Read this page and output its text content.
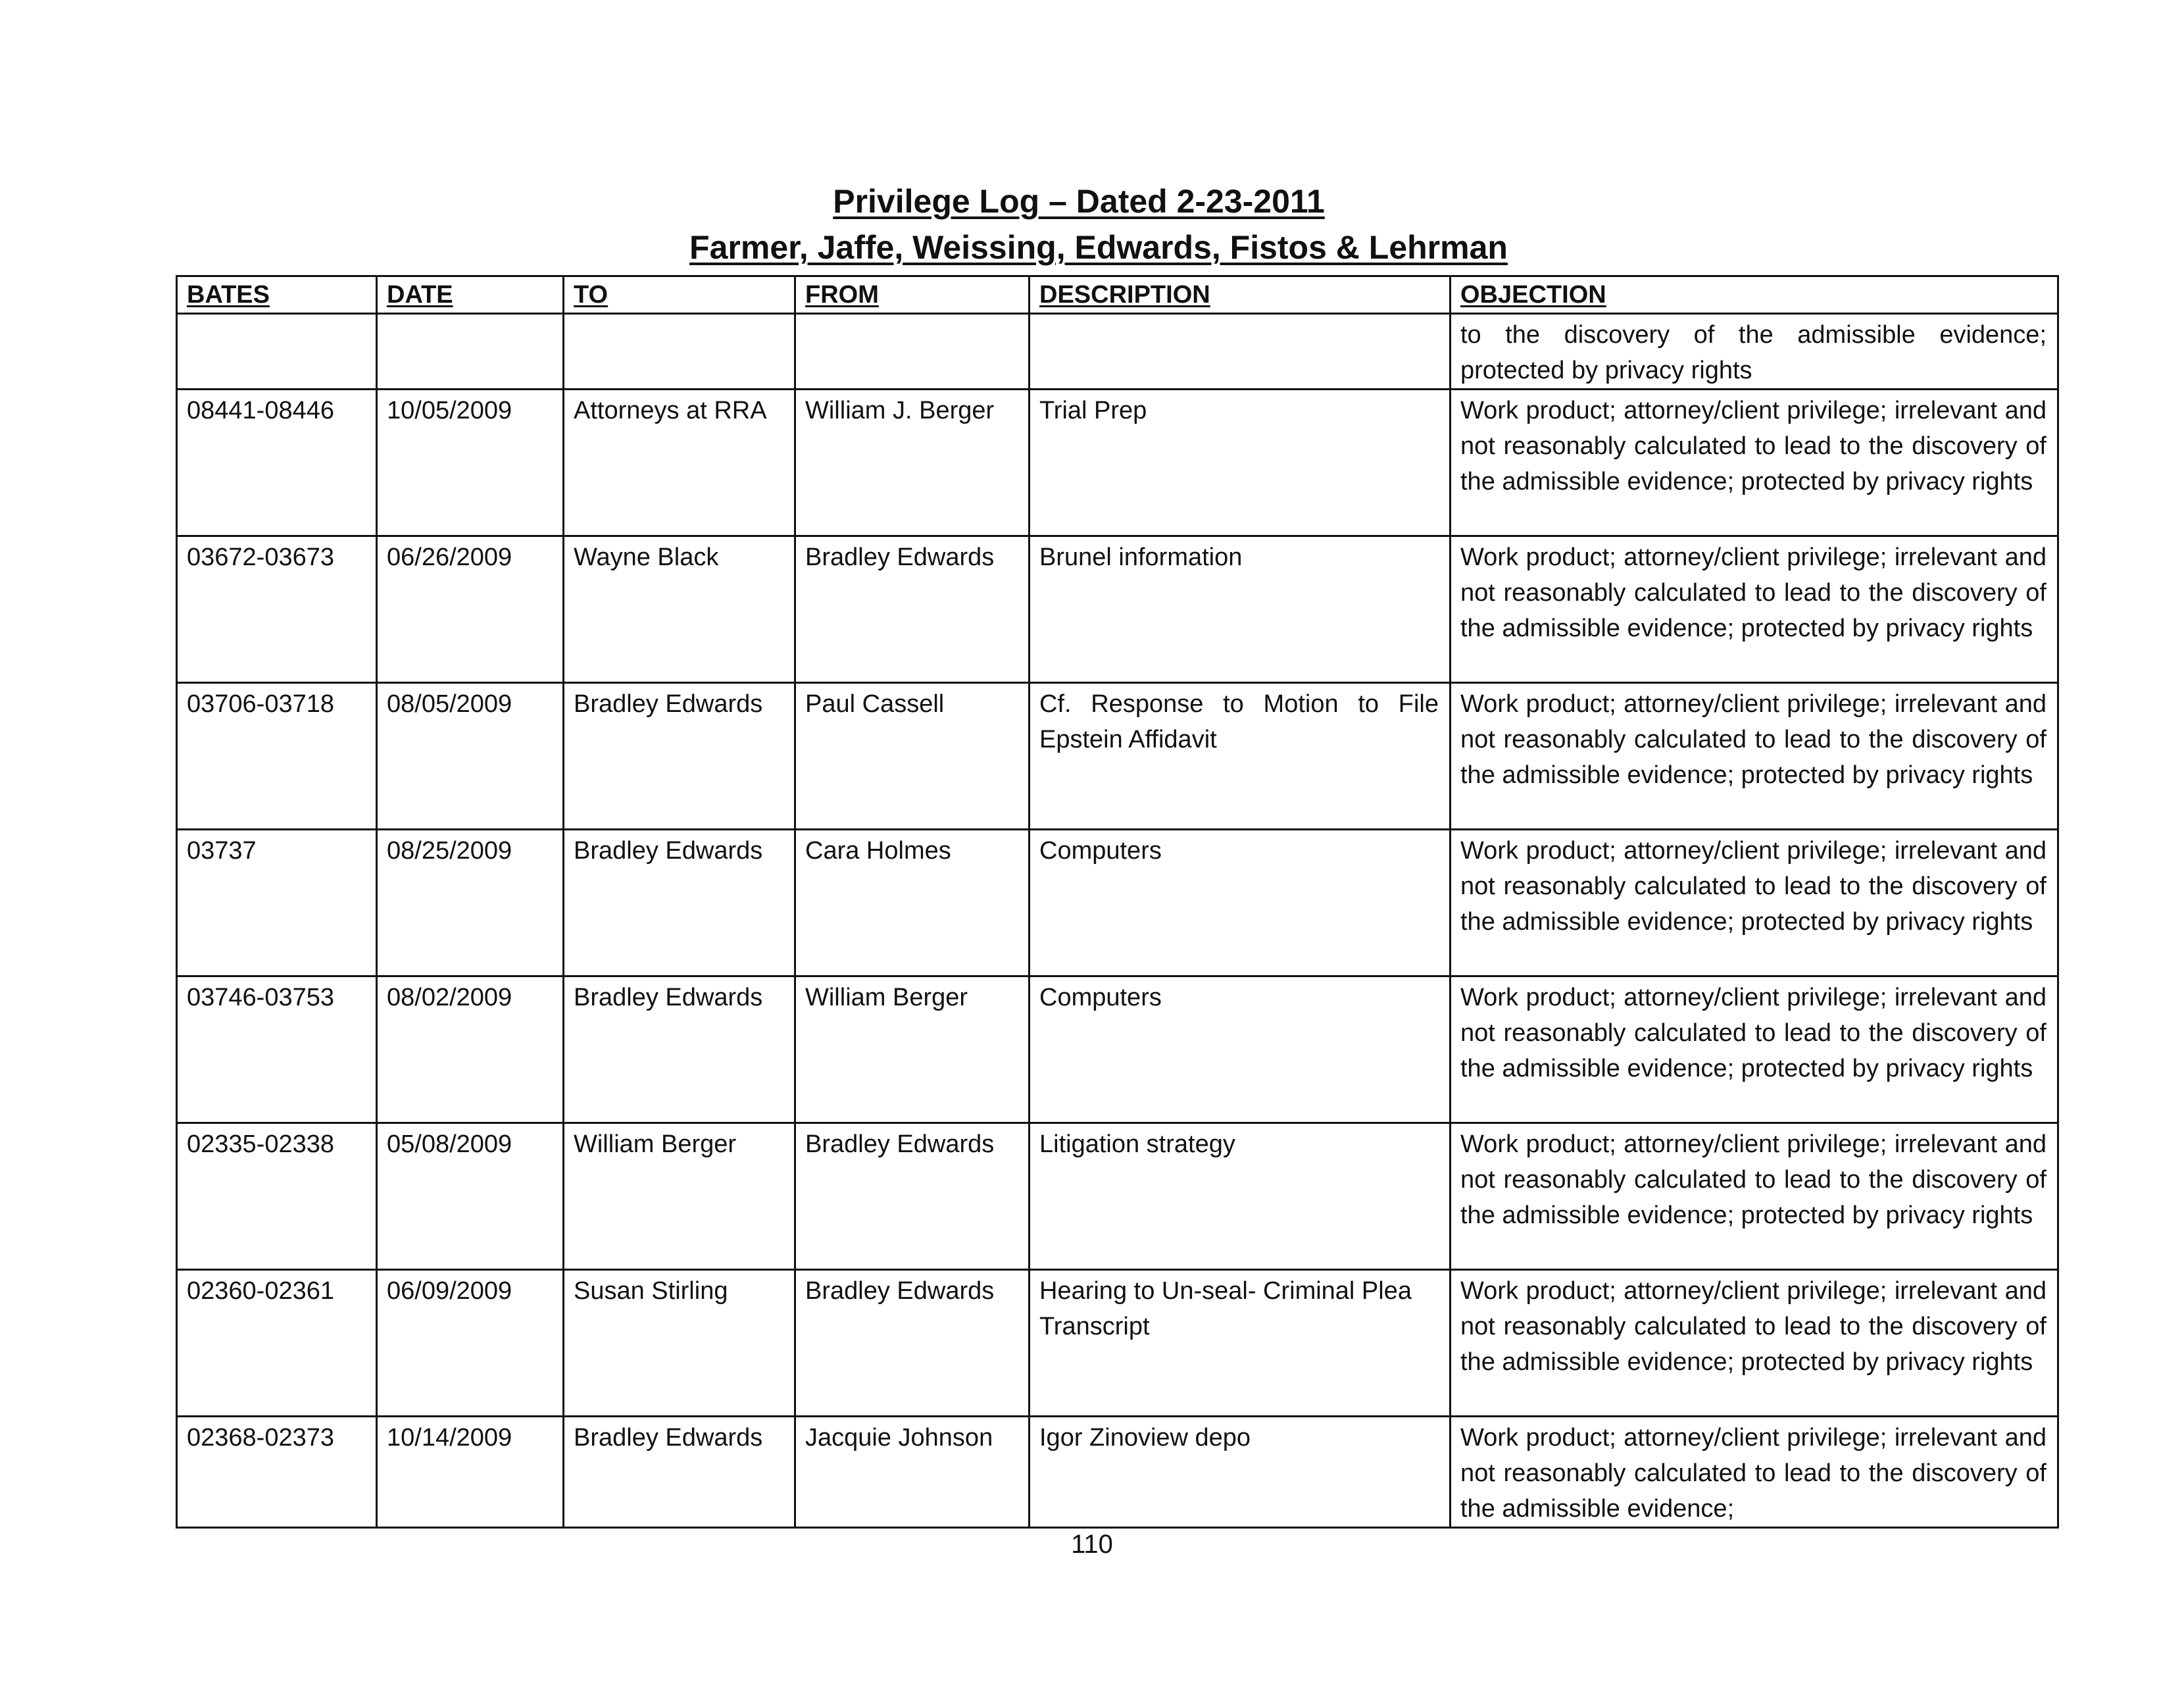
Privilege Log – Dated 2-23-2011
Farmer, Jaffe, Weissing, Edwards, Fistos & Lehrman
BATES	DATE	TO	FROM	DESCRIPTION	OBJECTION
					to the discovery of the admissible evidence; protected by privacy rights
08441-08446	10/05/2009	Attorneys at RRA	William J. Berger	Trial Prep	Work product; attorney/client privilege; irrelevant and not reasonably calculated to lead to the discovery of the admissible evidence; protected by privacy rights
03672-03673	06/26/2009	Wayne Black	Bradley Edwards	Brunel information	Work product; attorney/client privilege; irrelevant and not reasonably calculated to lead to the discovery of the admissible evidence; protected by privacy rights
03706-03718	08/05/2009	Bradley Edwards	Paul Cassell	Cf. Response to Motion to File Epstein Affidavit	Work product; attorney/client privilege; irrelevant and not reasonably calculated to lead to the discovery of the admissible evidence; protected by privacy rights
03737	08/25/2009	Bradley Edwards	Cara Holmes	Computers	Work product; attorney/client privilege; irrelevant and not reasonably calculated to lead to the discovery of the admissible evidence; protected by privacy rights
03746-03753	08/02/2009	Bradley Edwards	William Berger	Computers	Work product; attorney/client privilege; irrelevant and not reasonably calculated to lead to the discovery of the admissible evidence; protected by privacy rights
02335-02338	05/08/2009	William Berger	Bradley Edwards	Litigation strategy	Work product; attorney/client privilege; irrelevant and not reasonably calculated to lead to the discovery of the admissible evidence; protected by privacy rights
02360-02361	06/09/2009	Susan Stirling	Bradley Edwards	Hearing to Un-seal- Criminal Plea Transcript	Work product; attorney/client privilege; irrelevant and not reasonably calculated to lead to the discovery of the admissible evidence; protected by privacy rights
02368-02373	10/14/2009	Bradley Edwards	Jacquie Johnson	Igor Zinoview depo	Work product; attorney/client privilege; irrelevant and not reasonably calculated to lead to the discovery of the admissible evidence;
110
